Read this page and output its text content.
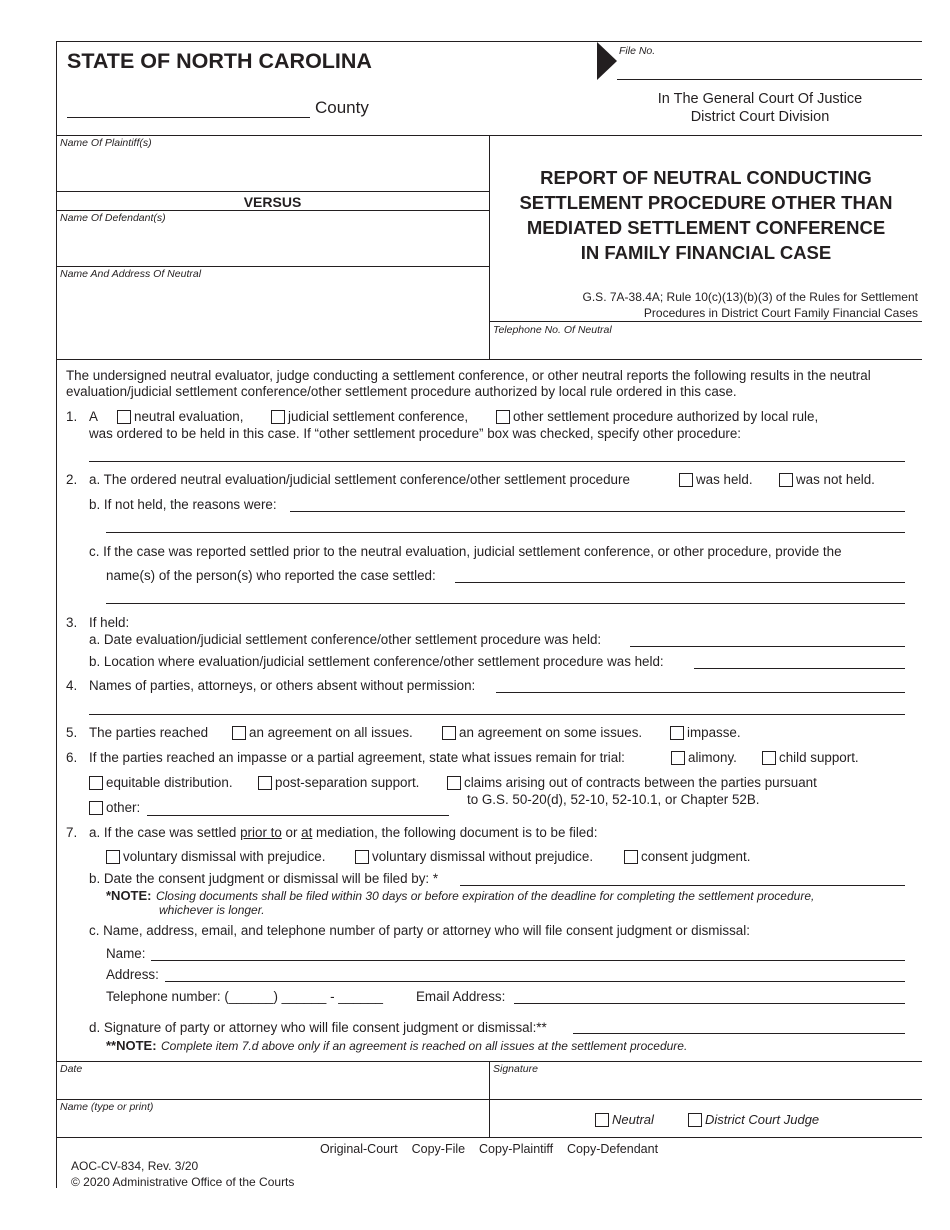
STATE OF NORTH CAROLINA	File No.
County	In The General Court Of Justice
District Court Division
Name Of Plaintiff(s)
VERSUS
Name Of Defendant(s)
Name And Address Of Neutral
REPORT OF NEUTRAL CONDUCTING
SETTLEMENT PROCEDURE OTHER THAN
MEDIATED SETTLEMENT CONFERENCE
IN FAMILY FINANCIAL CASE
G.S. 7A-38.4A; Rule 10(c)(13)(b)(3) of the Rules for Settlement
Procedures in District Court Family Financial Cases
Telephone No. Of Neutral
The undersigned neutral evaluator, judge conducting a settlement conference, or other neutral reports the following results in the neutral
evaluation/judicial settlement conference/other settlement procedure authorized by local rule ordered in this case.
1. A	neutral evaluation,	judicial settlement conference,	other settlement procedure authorized by local rule,
was ordered to be held in this case. If “other settlement procedure” box was checked, specify other procedure:
2. a. The ordered neutral evaluation/judicial settlement conference/other settlement procedure	was held.	was not held.
b. If not held, the reasons were:
c. If the case was reported settled prior to the neutral evaluation, judicial settlement conference, or other procedure, provide the
name(s) of the person(s) who reported the case settled:
3. If held:
a. Date evaluation/judicial settlement conference/other settlement procedure was held:
b. Location where evaluation/judicial settlement conference/other settlement procedure was held:
4. Names of parties, attorneys, or others absent without permission:
5. The parties reached	an agreement on all issues.	an agreement on some issues.	impasse.
6. If the parties reached an impasse or a partial agreement, state what issues remain for trial:	alimony.	child support.
equitable distribution.	post-separation support.	claims arising out of contracts between the parties pursuant
to G.S. 50-20(d), 52-10, 52-10.1, or Chapter 52B.
other:
7. a. If the case was settled prior to or at mediation, the following document is to be filed:
voluntary dismissal with prejudice.	voluntary dismissal without prejudice.	consent judgment.
b. Date the consent judgment or dismissal will be filed by: *
*NOTE: Closing documents shall be filed within 30 days or before expiration of the deadline for completing the settlement procedure,
whichever is longer.
c. Name, address, email, and telephone number of party or attorney who will file consent judgment or dismissal:
Name:
Address:
Telephone number: (______) ______ - ______ Email Address:
d. Signature of party or attorney who will file consent judgment or dismissal:**
**NOTE: Complete item 7.d above only if an agreement is reached on all issues at the settlement procedure.
Date	Signature
Name (type or print)
Neutral	District Court Judge
Original-Court    Copy-File    Copy-Plaintiff    Copy-Defendant
AOC-CV-834, Rev. 3/20
© 2020 Administrative Office of the Courts
